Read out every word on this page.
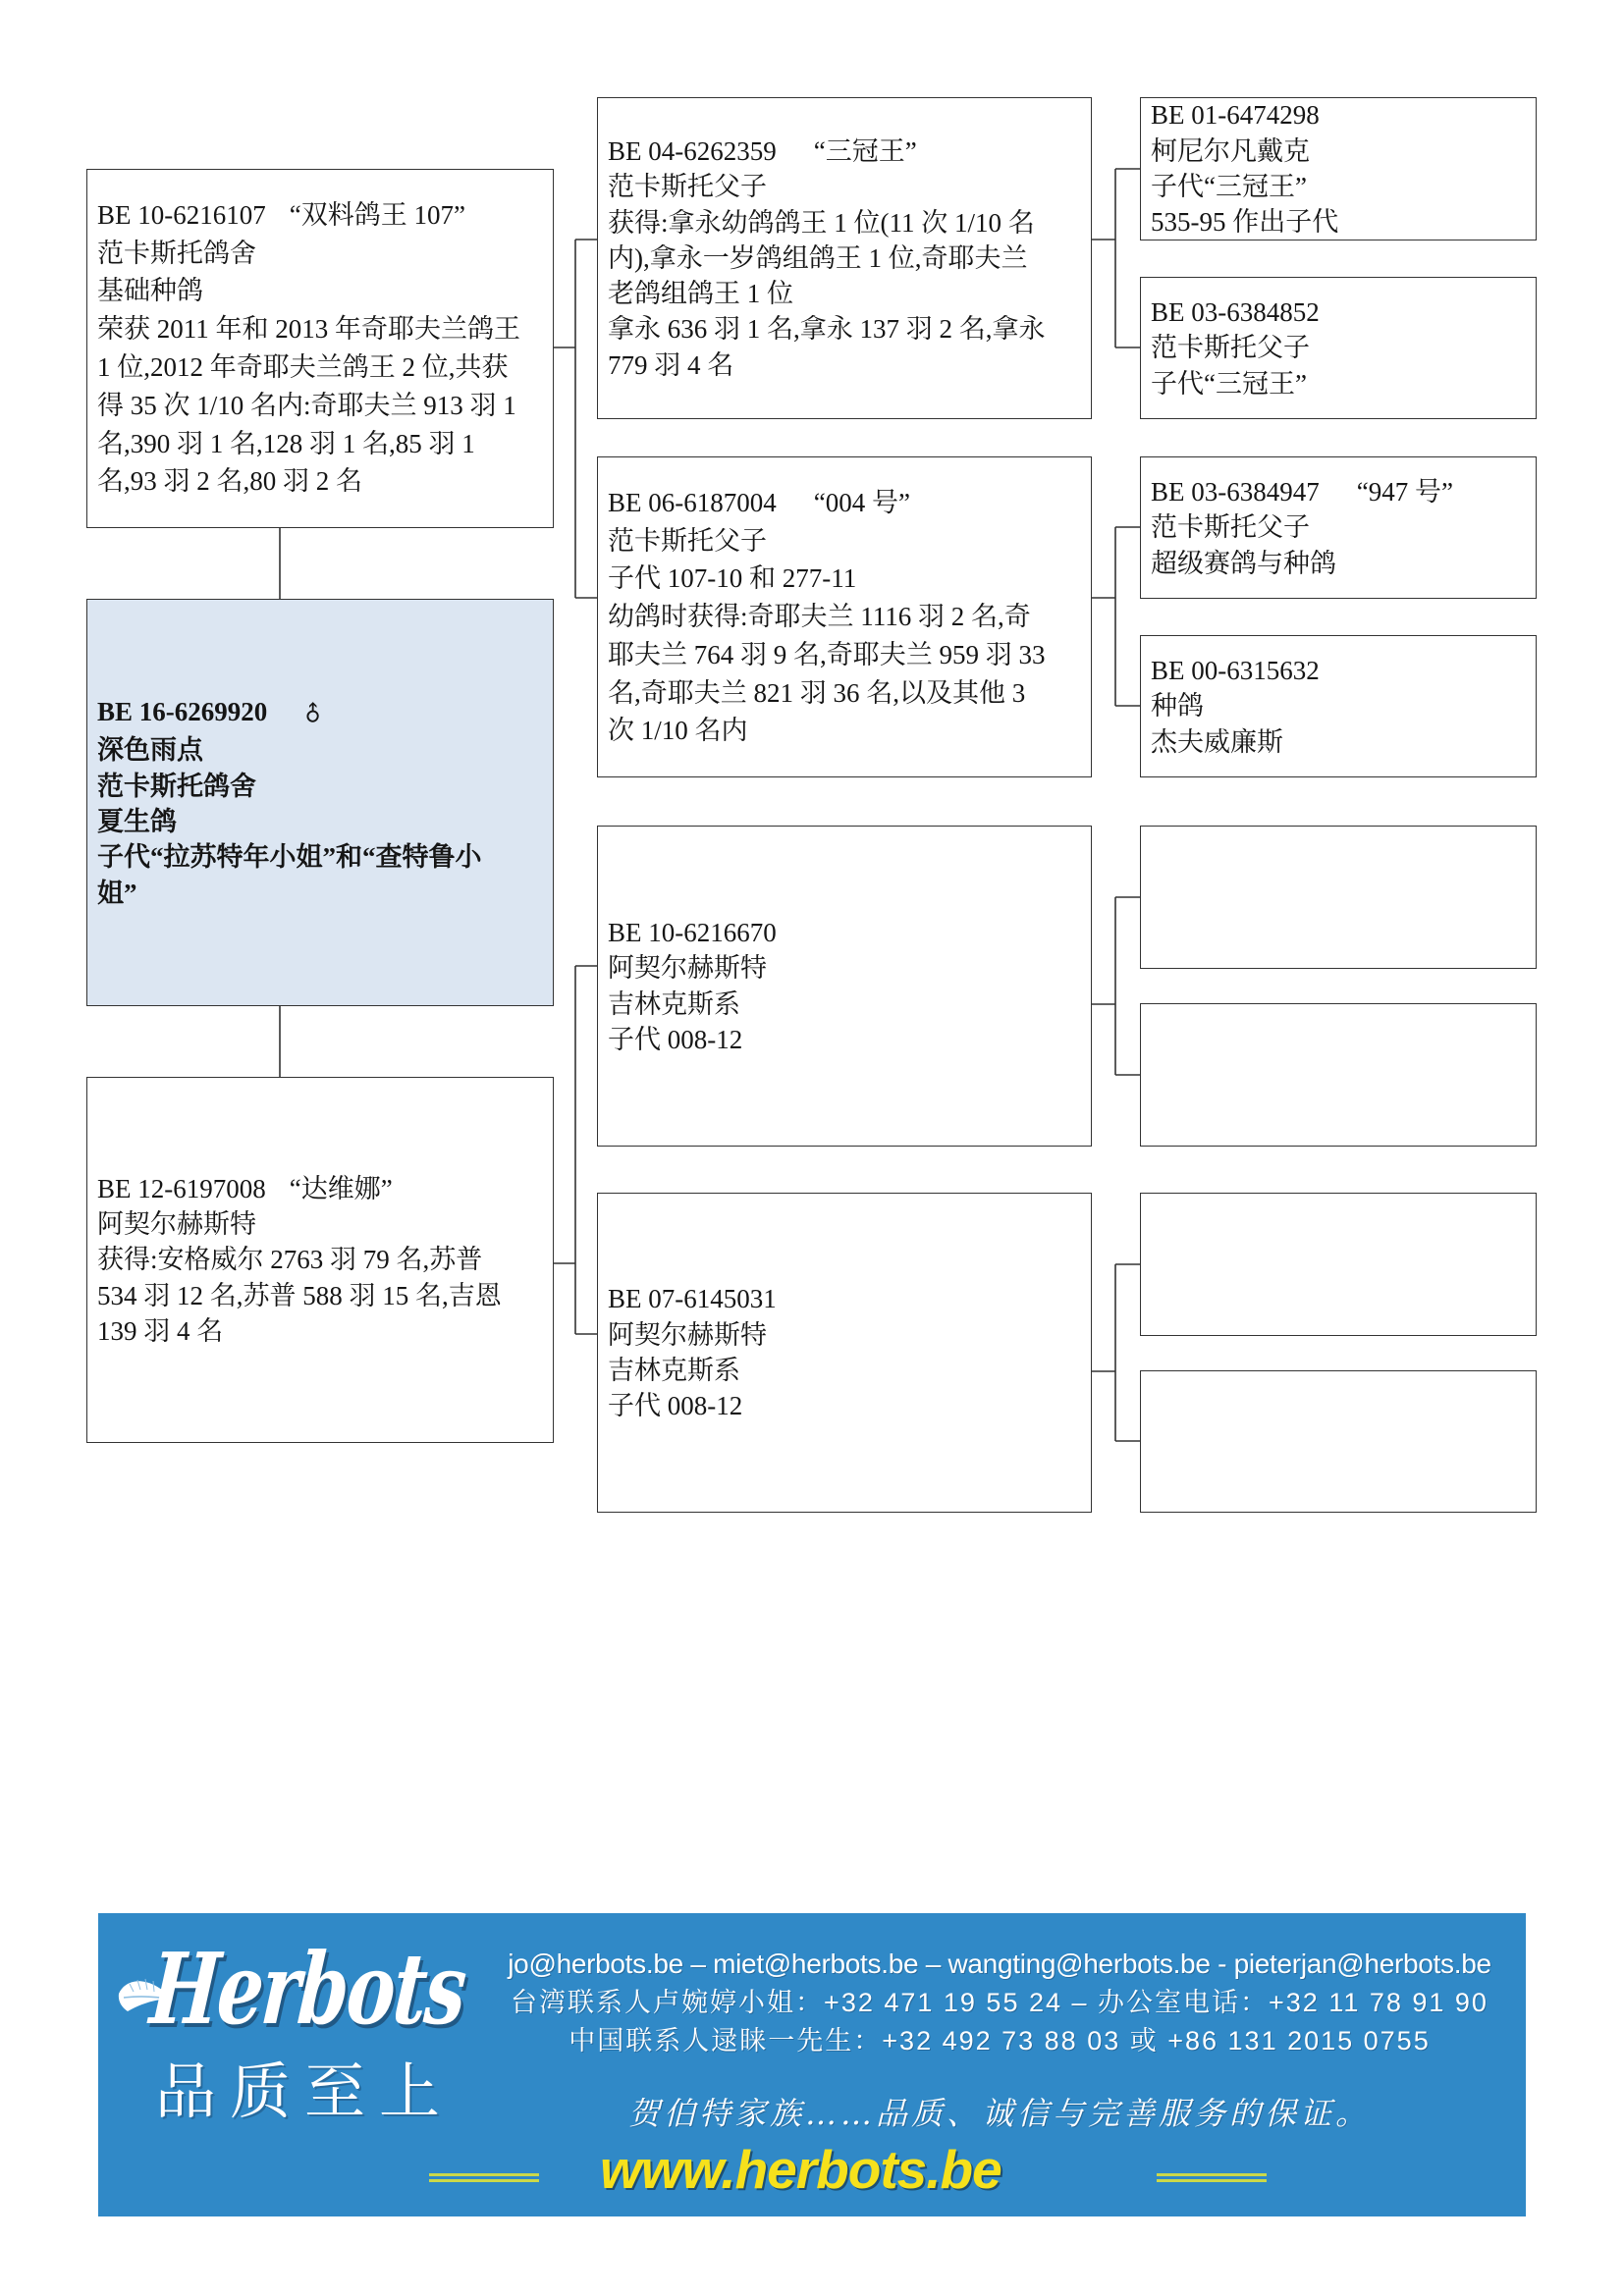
BE 10-6216107 “双料鸽王 107”
范卡斯托鸽舍
基础种鸽
荣获 2011 年和 2013 年奇耶夫兰鸽王
1 位,2012 年奇耶夫兰鸽王 2 位,共获
得 35 次 1/10 名内:奇耶夫兰 913 羽 1
名,390 羽 1 名,128 羽 1 名,85 羽 1
名,93 羽 2 名,80 羽 2 名
BE 16-6269920 ♂
深色雨点
范卡斯托鸽舍
夏生鸽
子代“拉苏特年小姐”和“查特鲁小
姐”
BE 12-6197008 “达维娜”
阿契尔赫斯特
获得:安格威尔 2763 羽 79 名,苏普
534 羽 12 名,苏普 588 羽 15 名,吉恩
139 羽 4 名
BE 04-6262359 “三冠王”
范卡斯托父子
获得:拿永幼鸽鸽王 1 位(11 次 1/10 名
内),拿永一岁鸽组鸽王 1 位,奇耶夫兰
老鸽组鸽王 1 位
拿永 636 羽 1 名,拿永 137 羽 2 名,拿永
779 羽 4 名
BE 06-6187004 “004 号”
范卡斯托父子
子代 107-10 和 277-11
幼鸽时获得:奇耶夫兰 1116 羽 2 名,奇
耶夫兰 764 羽 9 名,奇耶夫兰 959 羽 33
名,奇耶夫兰 821 羽 36 名,以及其他 3
次 1/10 名内
BE 10-6216670
阿契尔赫斯特
吉林克斯系
子代 008-12
BE 07-6145031
阿契尔赫斯特
吉林克斯系
子代 008-12
BE 01-6474298
柯尼尔凡戴克
子代“三冠王”
535-95 作出子代
BE 03-6384852
范卡斯托父子
子代“三冠王”
BE 03-6384947 “947 号”
范卡斯托父子
超级赛鸽与种鸽
BE 00-6315632
种鸽
杰夫威廉斯
Herbots
品质至上
jo@herbots.be – miet@herbots.be – wangting@herbots.be - pieterjan@herbots.be
台湾联系人卢婉婷小姐：+32 471 19 55 24 – 办公室电话：+32 11 78 91 90
中国联系人逯睐一先生：+32 492 73 88 03 或 +86 131 2015 0755
贺伯特家族……品质、诚信与完善服务的保证。
www.herbots.be
